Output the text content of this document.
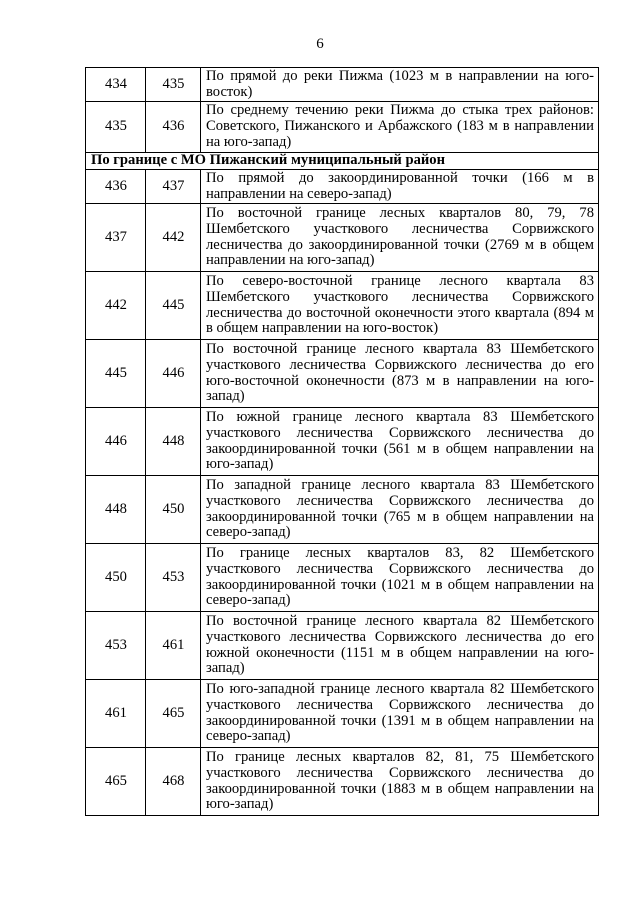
6
434	435	По прямой до реки Пижма (1023 м в направлении на юго-восток)
435	436	По среднему течению реки Пижма до стыка трех районов: Советского, Пижанского и Арбажского (183 м в направлении на юго-запад)
По границе с МО Пижанский муниципальный район		
436	437	По прямой до закоординированной точки (166 м в направлении на северо-запад)
437	442	По восточной границе лесных кварталов 80, 79, 78 Шембетского участкового лесничества Сорвижского лесничества до закоординированной точки (2769 м в общем направлении на юго-запад)
442	445	По северо-восточной границе лесного квартала 83 Шембетского участкового лесничества Сорвижского лесничества до восточной оконечности этого квартала (894 м в общем направлении на юго-восток)
445	446	По восточной границе лесного квартала 83 Шембетского участкового лесничества Сорвижского лесничества до его юго-восточной оконечности (873 м в направлении на юго-запад)
446	448	По южной границе лесного квартала 83 Шембетского участкового лесничества Сорвижского лесничества до закоординированной точки (561 м в общем направлении на юго-запад)
448	450	По западной границе лесного квартала 83 Шембетского участкового лесничества Сорвижского лесничества до закоординированной точки (765 м в общем направлении на северо-запад)
450	453	По границе лесных кварталов 83, 82 Шембетского участкового лесничества Сорвижского лесничества до закоординированной точки (1021 м в общем направлении на северо-запад)
453	461	По восточной границе лесного квартала 82 Шембетского участкового лесничества Сорвижского лесничества до его южной оконечности (1151 м в общем направлении на юго-запад)
461	465	По юго-западной границе лесного квартала 82 Шембетского участкового лесничества Сорвижского лесничества до закоординированной точки (1391 м в общем направлении на северо-запад)
465	468	По границе лесных кварталов 82, 81, 75 Шембетского участкового лесничества Сорвижского лесничества до закоординированной точки (1883 м в общем направлении на юго-запад)
